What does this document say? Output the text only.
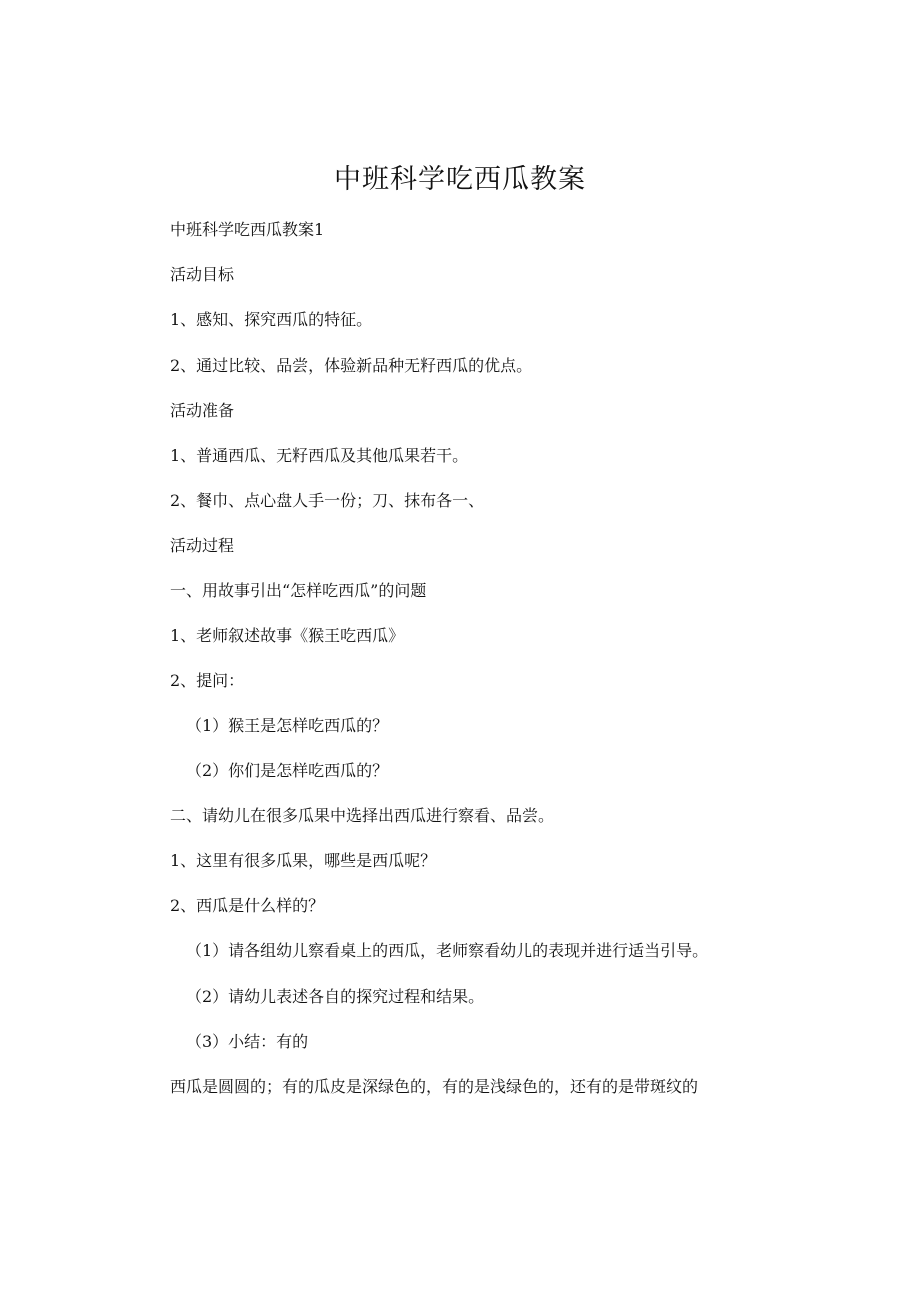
中班科学吃西瓜教案
中班科学吃西瓜教案1
活动目标
1、感知、探究西瓜的特征。
2、通过比较、品尝，体验新品种无籽西瓜的优点。
活动准备
1、普通西瓜、无籽西瓜及其他瓜果若干。
2、餐巾、点心盘人手一份；刀、抹布各一、
活动过程
一、用故事引出“怎样吃西瓜”的问题
1、老师叙述故事《猴王吃西瓜》
2、提问：
（1）猴王是怎样吃西瓜的？
（2）你们是怎样吃西瓜的？
二、请幼儿在很多瓜果中选择出西瓜进行察看、品尝。
1、这里有很多瓜果，哪些是西瓜呢？
2、西瓜是什么样的？
（1）请各组幼儿察看桌上的西瓜，老师察看幼儿的表现并进行适当引导。
（2）请幼儿表述各自的探究过程和结果。
（3）小结：有的
西瓜是圆圆的；有的瓜皮是深绿色的，有的是浅绿色的，还有的是带斑纹的
